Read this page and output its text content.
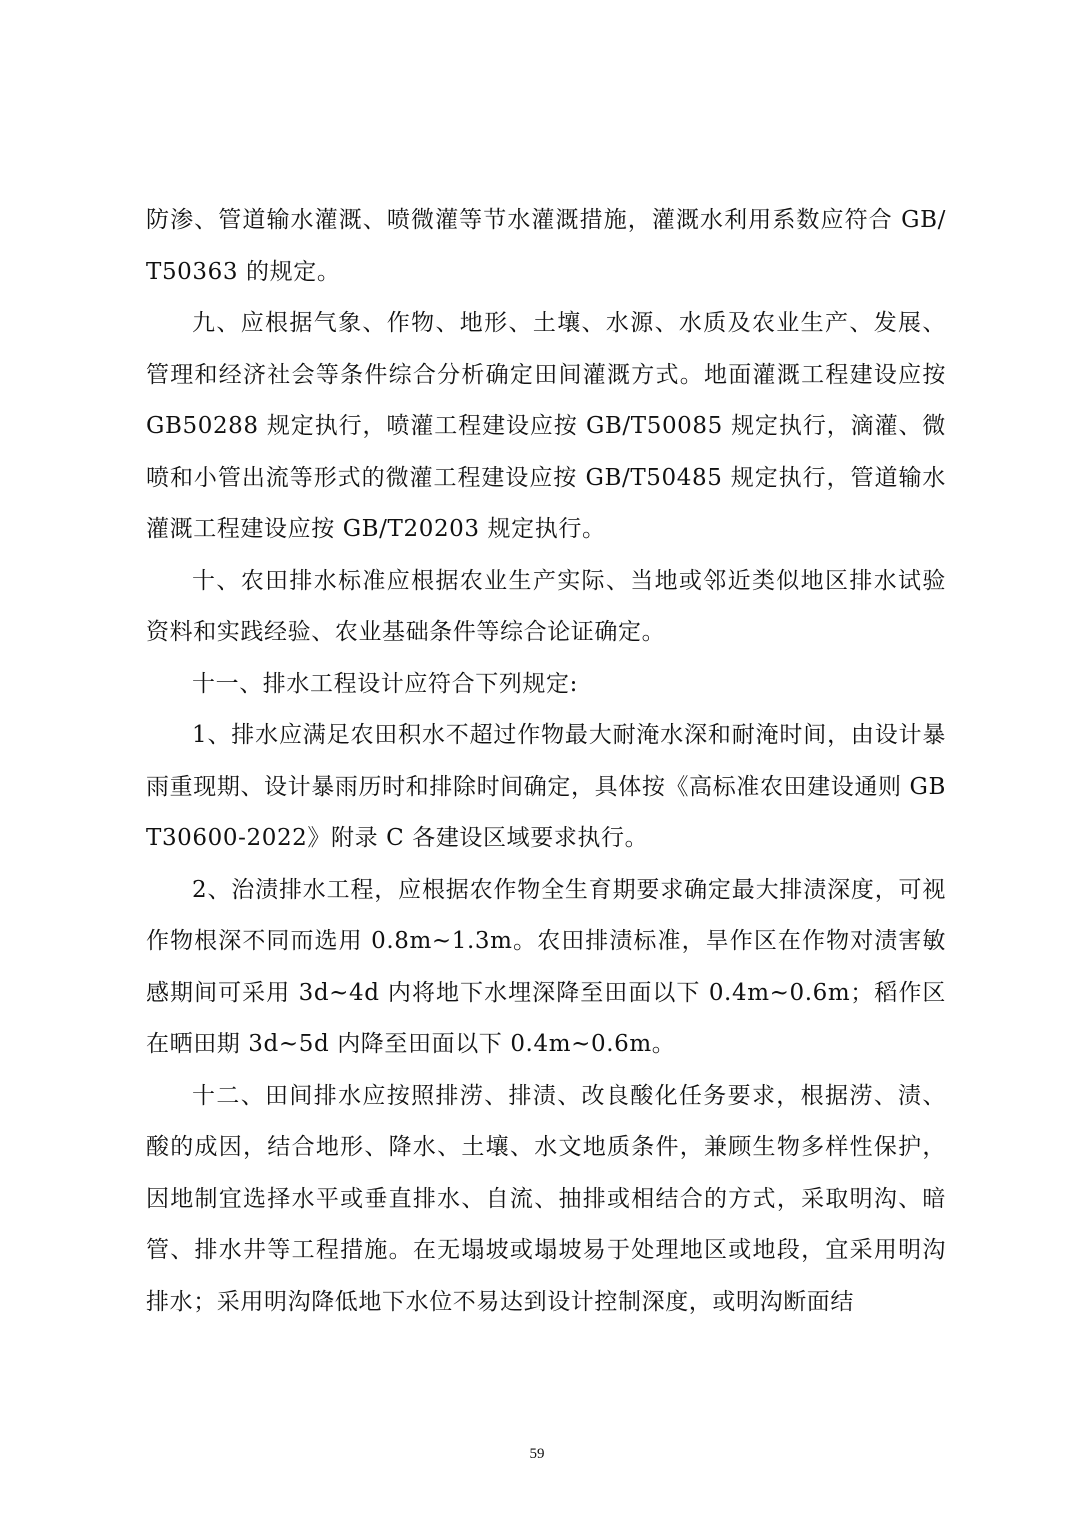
防渗、管道输水灌溉、喷微灌等节水灌溉措施，灌溉水利用系数应符合 GB/T50363 的规定。

九、应根据气象、作物、地形、土壤、水源、水质及农业生产、发展、管理和经济社会等条件综合分析确定田间灌溉方式。地面灌溉工程建设应按 GB50288 规定执行，喷灌工程建设应按 GB/T50085 规定执行，滴灌、微喷和小管出流等形式的微灌工程建设应按 GB/T50485 规定执行，管道输水灌溉工程建设应按 GB/T20203 规定执行。

十、农田排水标准应根据农业生产实际、当地或邻近类似地区排水试验资料和实践经验、农业基础条件等综合论证确定。

十一、排水工程设计应符合下列规定:

1、排水应满足农田积水不超过作物最大耐淹水深和耐淹时间，由设计暴雨重现期、设计暴雨历时和排除时间确定，具体按《高标准农田建设通则 GBT30600-2022》附录 C 各建设区域要求执行。

2、治渍排水工程，应根据农作物全生育期要求确定最大排渍深度，可视作物根深不同而选用 0.8m~1.3m。农田排渍标准，旱作区在作物对渍害敏感期间可采用 3d~4d 内将地下水埋深降至田面以下 0.4m~0.6m；稻作区在晒田期 3d~5d 内降至田面以下 0.4m~0.6m。

十二、田间排水应按照排涝、排渍、改良酸化任务要求，根据涝、渍、酸的成因，结合地形、降水、土壤、水文地质条件，兼顾生物多样性保护，因地制宜选择水平或垂直排水、自流、抽排或相结合的方式，采取明沟、暗管、排水井等工程措施。在无塌坡或塌坡易于处理地区或地段，宜采用明沟排水；采用明沟降低地下水位不易达到设计控制深度，或明沟断面结

59
